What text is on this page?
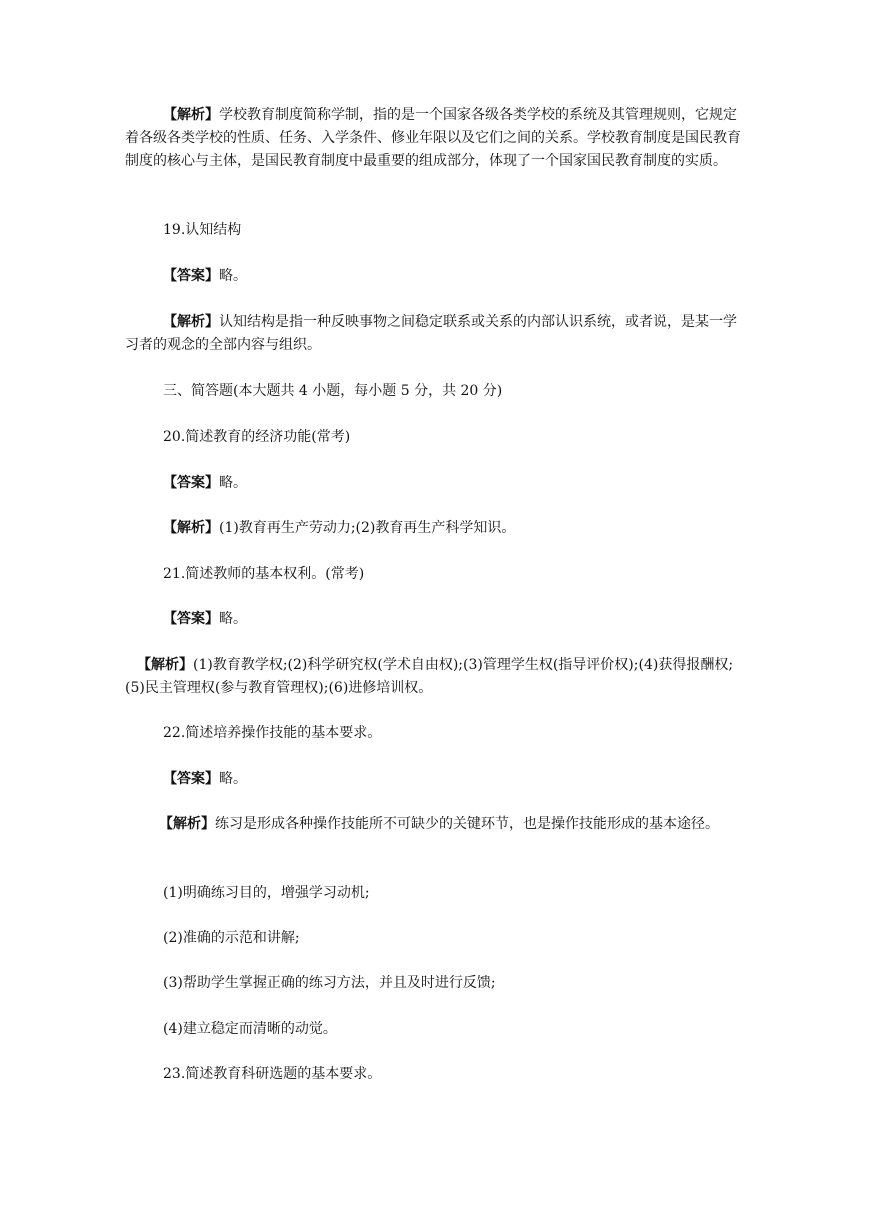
【解析】学校教育制度简称学制，指的是一个国家各级各类学校的系统及其管理规则，它规定着各级各类学校的性质、任务、入学条件、修业年限以及它们之间的关系。学校教育制度是国民教育制度的核心与主体，是国民教育制度中最重要的组成部分，体现了一个国家国民教育制度的实质。

19.认知结构

【答案】略。

【解析】认知结构是指一种反映事物之间稳定联系或关系的内部认识系统，或者说，是某一学习者的观念的全部内容与组织。

三、简答题(本大题共 4 小题，每小题 5 分，共 20 分)

20.简述教育的经济功能(常考)

【答案】略。

【解析】(1)教育再生产劳动力;(2)教育再生产科学知识。

21.简述教师的基本权利。(常考)

【答案】略。

【解析】(1)教育教学权;(2)科学研究权(学术自由权);(3)管理学生权(指导评价权);(4)获得报酬权;(5)民主管理权(参与教育管理权);(6)进修培训权。

22.简述培养操作技能的基本要求。

【答案】略。

【解析】练习是形成各种操作技能所不可缺少的关键环节，也是操作技能形成的基本途径。

(1)明确练习目的，增强学习动机;

(2)准确的示范和讲解;

(3)帮助学生掌握正确的练习方法，并且及时进行反馈;

(4)建立稳定而清晰的动觉。

23.简述教育科研选题的基本要求。
